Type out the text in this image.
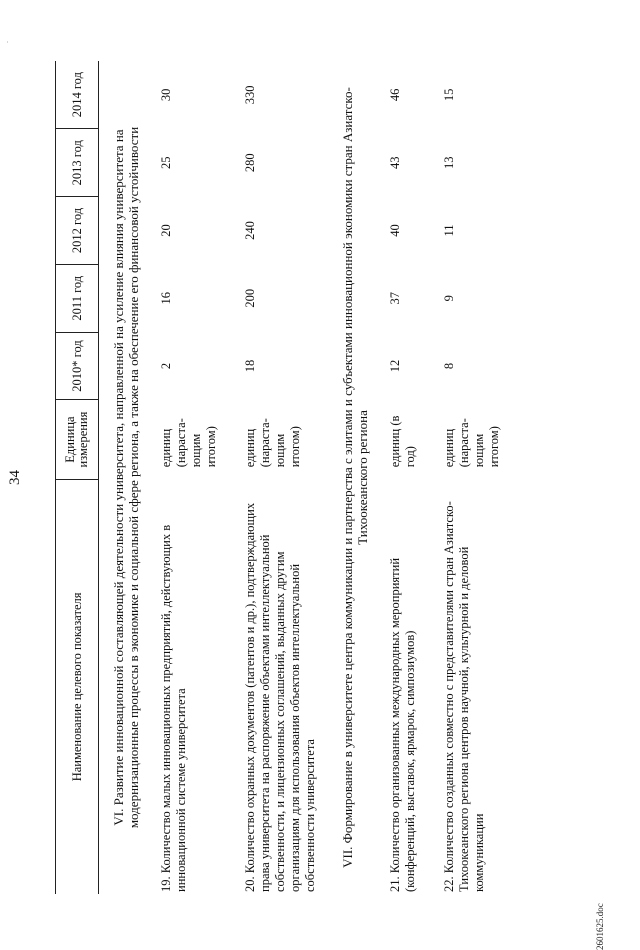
34
.
Наименование целевого показателя	Единица измерения	2010* год	2011 год	2012 год	2013 год	2014 год
VI. Развитие инновационной составляющей деятельности университета, направленной на усиление влияния университета на модернизационные процессы в экономике и социальной сфере региона, а также на обеспечение его финансовой устойчивости						
19. Количество малых инновационных предприятий, действующих в инновационной системе университета	единиц (нараста-ющим итогом)	2	16	20	25	30
20. Количество охранных документов (патентов и др.), подтверждающих права университета на распоряжение объектами интеллектуальной собственности, и лицензионных соглашений, выданных другим организациям для использования объектов интеллектуальной собственности университета	единиц (нараста-ющим итогом)	18	200	240	280	330
VII. Формирование в университете центра коммуникации и партнерства с элитами и субъектами инновационной экономики стран Азиатско-Тихоокеанского региона						
21. Количество организованных международных мероприятий (конференций, выставок, ярмарок, симпозиумов)	единиц (в год)	12	37	40	43	46
22. Количество созданных совместно с представителями стран Азиатско-Тихоокеанского региона центров научной, культурной и деловой коммуникации	единиц (нараста-ющим итогом)	8	9	11	13	15
2601625.doc
